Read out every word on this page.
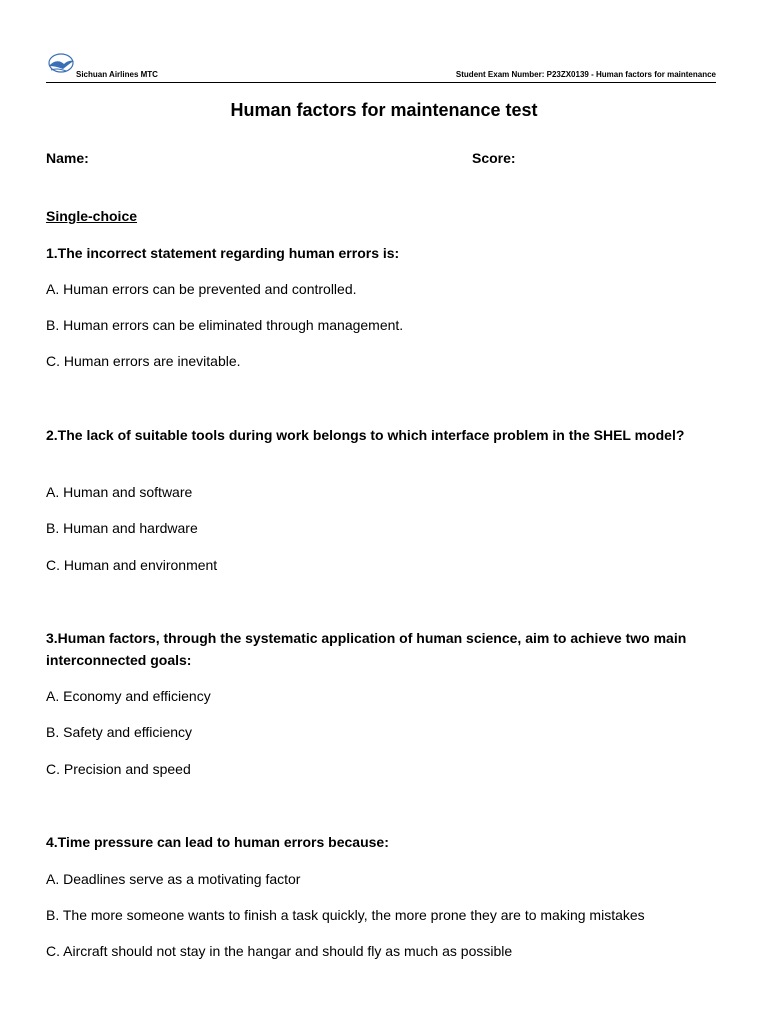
Sichuan Airlines MTC	Student Exam Number: P23ZX0139 - Human factors for maintenance
Human factors for maintenance test
Name:	Score:
Single-choice
1.The incorrect statement regarding human errors is:
A. Human errors can be prevented and controlled.
B. Human errors can be eliminated through management.
C. Human errors are inevitable.
2.The lack of suitable tools during work belongs to which interface problem in the SHEL model?
A. Human and software
B. Human and hardware
C. Human and environment
3.Human factors, through the systematic application of human science, aim to achieve two main interconnected goals:
A. Economy and efficiency
B. Safety and efficiency
C. Precision and speed
4.Time pressure can lead to human errors because:
A. Deadlines serve as a motivating factor
B. The more someone wants to finish a task quickly, the more prone they are to making mistakes
C. Aircraft should not stay in the hangar and should fly as much as possible
